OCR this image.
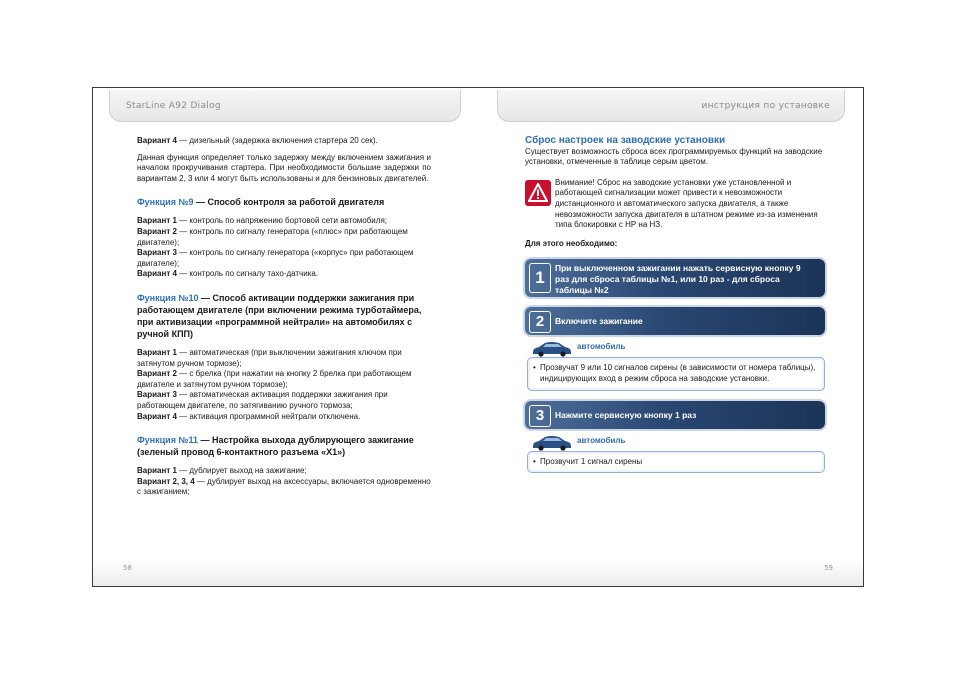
StarLine A92 Dialog	инструкция по установке

Вариант 4 — дизельный (задержка включения стартера 20 сек).

Данная функция определяет только задержку между включением зажигания и началом прокручивания стартера. При необходимости большие задержки по вариантам 2, 3 или 4 могут быть использованы и для бензиновых двигателей.

Функция №9 — Способ контроля за работой двигателя

Вариант 1 — контроль по напряжению бортовой сети автомобиля;

Вариант 2 — контроль по сигналу генератора («плюс» при работающем двигателе);

Вариант 3 — контроль по сигналу генератора («корпус» при работающем двигателе);

Вариант 4 — контроль по сигналу тахо-датчика.

Функция №10 — Способ активации поддержки зажигания при работающем двигателе (при включении режима турботаймера, при активизации «программной нейтрали» на автомобилях с ручной КПП)

Вариант 1 — автоматическая (при выключении зажигания ключом при затянутом ручном тормозе);

Вариант 2 — с брелка (при нажатии на кнопку 2 брелка при работающем двигателе и затянутом ручном тормозе);

Вариант 3 — автоматическая активация поддержки зажигания при работающем двигателе, по затягиванию ручного тормоза;

Вариант 4 — активация программной нейтрали отключена.

Функция №11 — Настройка выхода дублирующего зажигание (зеленый провод 6-контактного разъема «X1»)

Вариант 1 — дублирует выход на зажигание;

Вариант 2, 3, 4 — дублирует выход на аксессуары, включается одновременно с зажиганием;

Сброс настроек на заводские установки

Существует возможность сброса всех программируемых функций на заводские установки, отмеченные в таблице серым цветом.

Внимание! Сброс на заводские установки уже установленной и работающей сигнализации может привести к невозможности дистанционного и автоматического запуска двигателя, а также невозможности запуска двигателя в штатном режиме из-за изменения типа блокировки с НР на НЗ.

Для этого необходимо:

1	При выключенном зажигании нажать сервисную кнопку 9 раз для сброса таблицы №1, или 10 раз - для сброса таблицы №2
2	Включите зажигание
автомобиль
• Прозвучат 9 или 10 сигналов сирены (в зависимости от номера таблицы), индицирующих вход в режим сброса на заводские установки.
3	Нажмите сервисную кнопку 1 раз
автомобиль
• Прозвучит 1 сигнал сирены
58	59
